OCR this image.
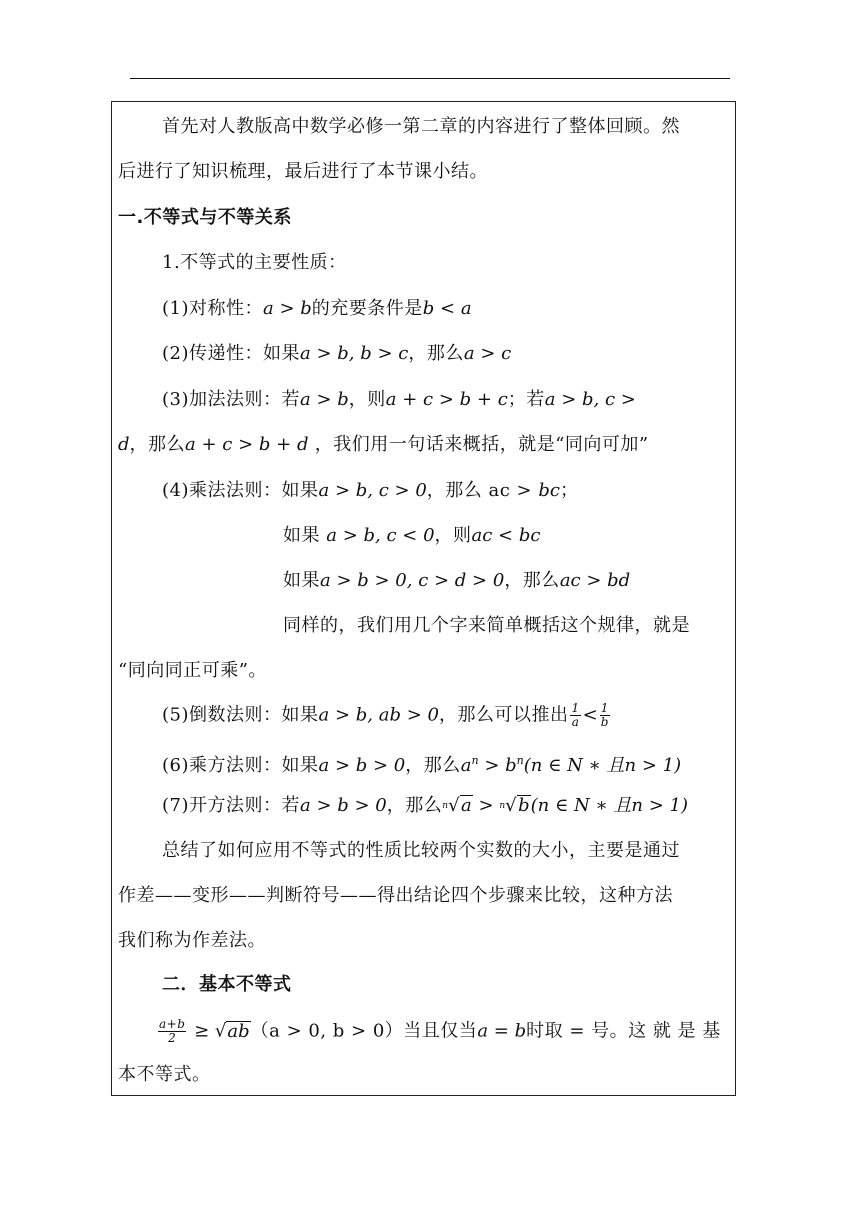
首先对人教版高中数学必修一第二章的内容进行了整体回顾。然
后进行了知识梳理，最后进行了本节课小结。
一.不等式与不等关系
1.不等式的主要性质：
(1)对称性：a > b的充要条件是b < a
(2)传递性：如果a > b, b > c，那么a > c
(3)加法法则：若a > b，则a + c > b + c；若a > b, c >
d，那么a + c > b + d ，我们用一句话来概括，就是“同向可加”
(4)乘法法则：如果a > b, c > 0，那么 ac > bc；
如果 a > b, c < 0，则ac < bc
如果a > b > 0, c > d > 0，那么ac > bd
同样的，我们用几个字来简单概括这个规律，就是
“同向同正可乘”。
(5)倒数法则：如果a > b, ab > 0，那么可以推出 $\frac{1}{a} < \frac{1}{b}$
(6)乘方法则：如果a > b > 0，那么$a^n > b^n(n$ ∈ N ∗ 且n > 1)
(7)开方法则：若a > b > 0，那么$^n$√a > $^n$√b(n ∈ N ∗ 且n > 1)
总结了如何应用不等式的性质比较两个实数的大小，主要是通过
作差——变形——判断符号——得出结论四个步骤来比较，这种方法
我们称为作差法。
二．基本不等式
$\frac{a+b}{2} \ge √ab(a > 0$, b > 0）当且仅当a = b时取 = 号。这 就 是 基
本不等式。
